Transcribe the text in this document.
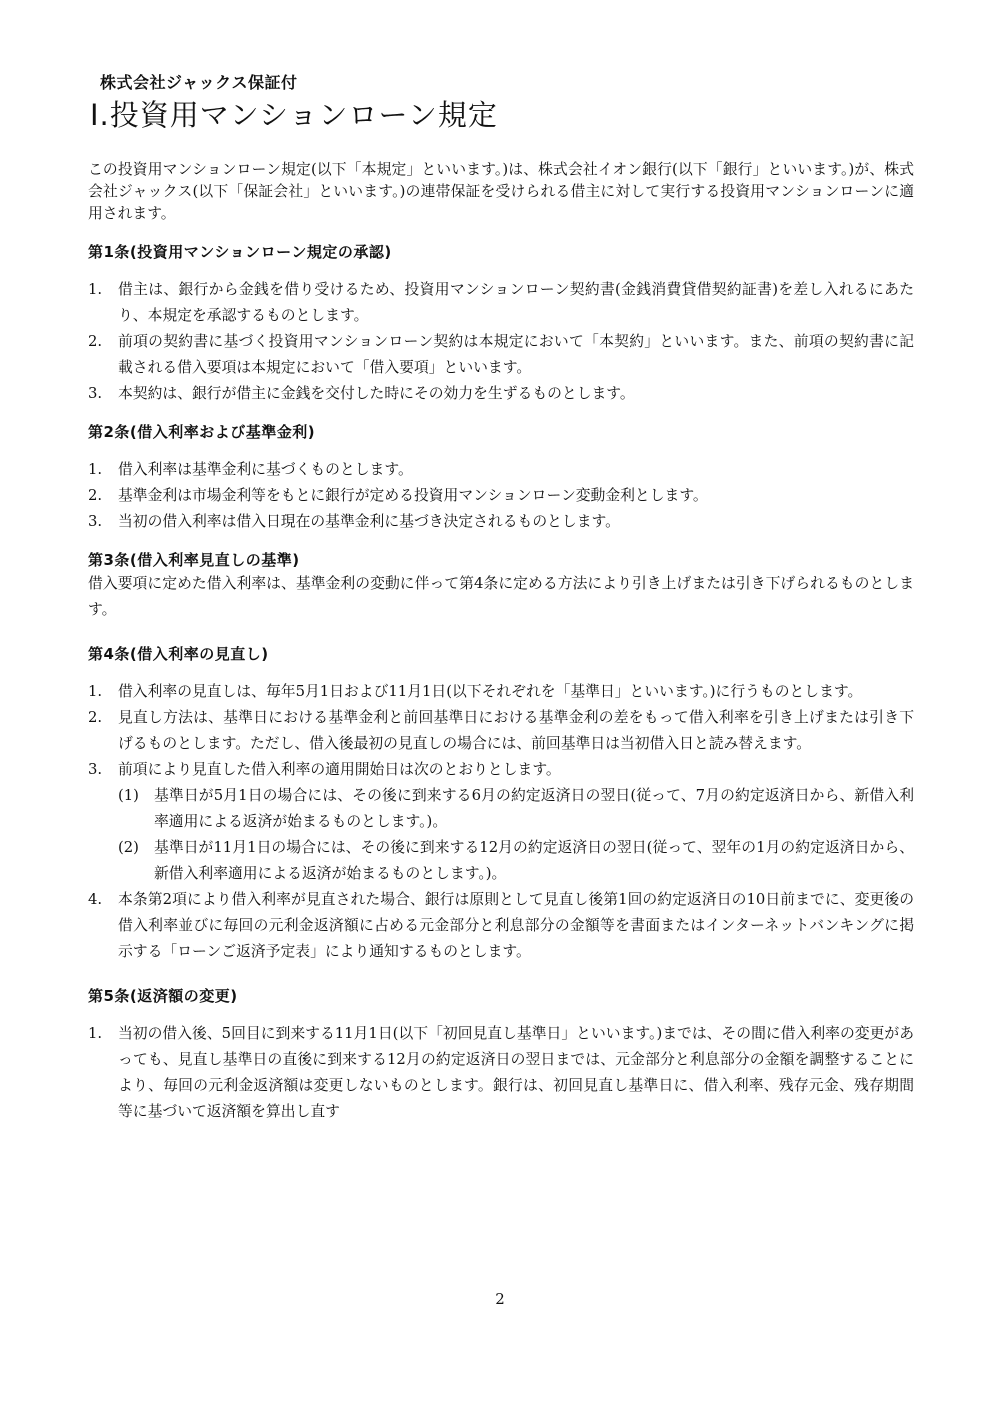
株式会社ジャックス保証付
Ⅰ.投資用マンションローン規定

この投資用マンションローン規定(以下「本規定」といいます。)は、株式会社イオン銀行(以下「銀行」といいます。)が、株式会社ジャックス(以下「保証会社」といいます。)の連帯保証を受けられる借主に対して実行する投資用マンションローンに適用されます。

第1条(投資用マンションローン規定の承認)
1. 借主は、銀行から金銭を借り受けるため、投資用マンションローン契約書(金銭消費貸借契約証書)を差し入れるにあたり、本規定を承認するものとします。
2. 前項の契約書に基づく投資用マンションローン契約は本規定において「本契約」といいます。また、前項の契約書に記載される借入要項は本規定において「借入要項」といいます。
3. 本契約は、銀行が借主に金銭を交付した時にその効力を生ずるものとします。
第2条(借入利率および基準金利)
1. 借入利率は基準金利に基づくものとします。
2. 基準金利は市場金利等をもとに銀行が定める投資用マンションローン変動金利とします。
3. 当初の借入利率は借入日現在の基準金利に基づき決定されるものとします。
第3条(借入利率見直しの基準)

借入要項に定めた借入利率は、基準金利の変動に伴って第4条に定める方法により引き上げまたは引き下げられるものとします。

第4条(借入利率の見直し)
1. 借入利率の見直しは、毎年5月1日および11月1日(以下それぞれを「基準日」といいます。)に行うものとします。
2. 見直し方法は、基準日における基準金利と前回基準日における基準金利の差をもって借入利率を引き上げまたは引き下げるものとします。ただし、借入後最初の見直しの場合には、前回基準日は当初借入日と読み替えます。
3. 前項により見直した借入利率の適用開始日は次のとおりとします。
(1) 基準日が5月1日の場合には、その後に到来する6月の約定返済日の翌日(従って、7月の約定返済日から、新借入利率適用による返済が始まるものとします。)。
(2) 基準日が11月1日の場合には、その後に到来する12月の約定返済日の翌日(従って、翌年の1月の約定返済日から、新借入利率適用による返済が始まるものとします。)。
4. 本条第2項により借入利率が見直された場合、銀行は原則として見直し後第1回の約定返済日の10日前までに、変更後の借入利率並びに毎回の元利金返済額に占める元金部分と利息部分の金額等を書面またはインターネットバンキングに掲示する「ローンご返済予定表」により通知するものとします。
第5条(返済額の変更)
1. 当初の借入後、5回目に到来する11月1日(以下「初回見直し基準日」といいます。)までは、その間に借入利率の変更があっても、見直し基準日の直後に到来する12月の約定返済日の翌日までは、元金部分と利息部分の金額を調整することにより、毎回の元利金返済額は変更しないものとします。銀行は、初回見直し基準日に、借入利率、残存元金、残存期間等に基づいて返済額を算出し直す
2
